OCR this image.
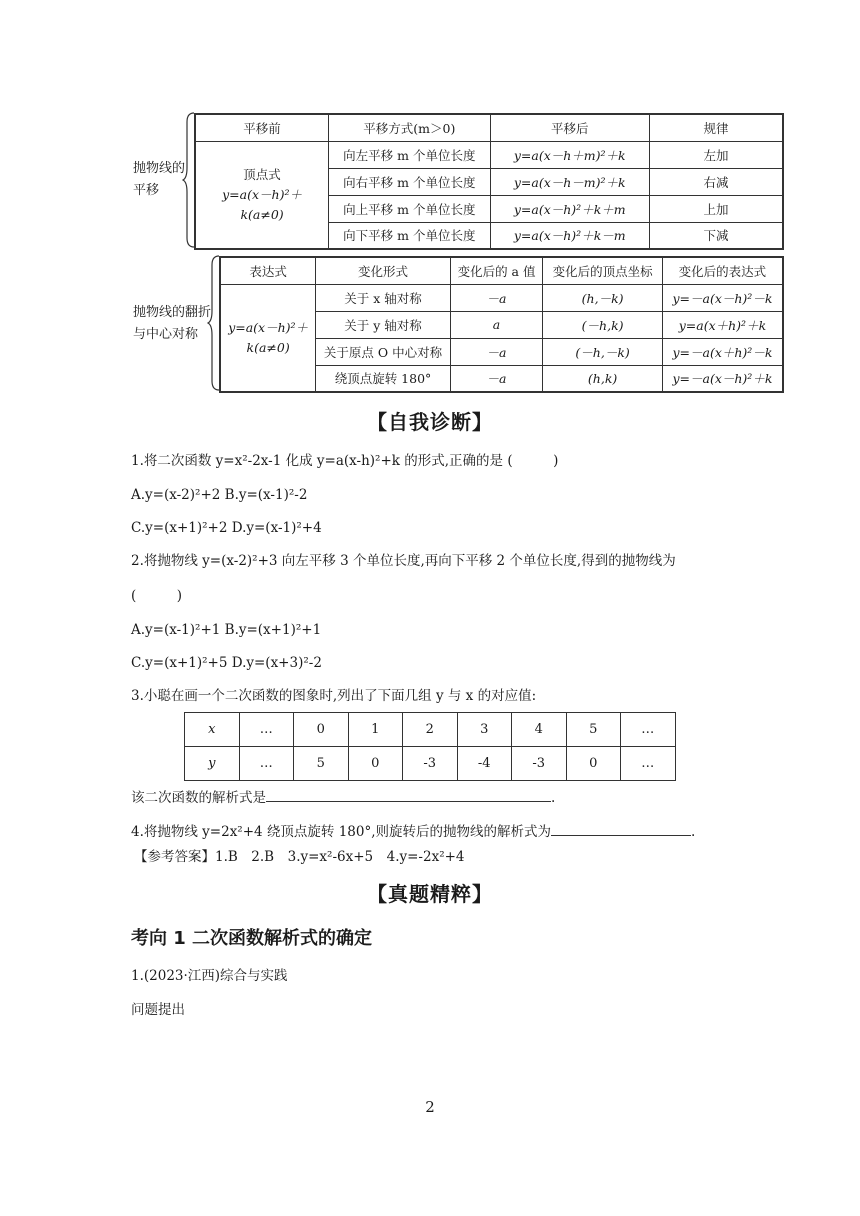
抛物线的
平移
平移前	平移方式(m＞0)	平移后	规律

顶点式
y=a(x－h)²＋
k(a≠0)	向左平移 m 个单位长度	y=a(x－h＋m)²＋k	左加
	向右平移 m 个单位长度	y=a(x－h－m)²＋k	右减
	向上平移 m 个单位长度	y=a(x－h)²＋k＋m	上加
	向下平移 m 个单位长度	y=a(x－h)²＋k－m	下减
抛物线的翻折
与中心对称
表达式	变化形式	变化后的 a 值	变化后的顶点坐标	变化后的表达式

y=a(x－h)²＋
k(a≠0)	关于 x 轴对称	－a	(h,－k)	y=－a(x－h)²－k
	关于 y 轴对称	a	(－h,k)	y=a(x＋h)²＋k
	关于原点 O 中心对称	－a	(－h,－k)	y=－a(x＋h)²－k
	绕顶点旋转 180°	－a	(h,k)	y=－a(x－h)²＋k
【自我诊断】
1.将二次函数 y=x²-2x-1 化成 y=a(x-h)²+k 的形式,正确的是 (　　　)
A.y=(x-2)²+2 B.y=(x-1)²-2
C.y=(x+1)²+2 D.y=(x-1)²+4
2.将抛物线 y=(x-2)²+3 向左平移 3 个单位长度,再向下平移 2 个单位长度,得到的抛物线为
(　　　)
A.y=(x-1)²+1 B.y=(x+1)²+1
C.y=(x+1)²+5 D.y=(x+3)²-2
3.小聪在画一个二次函数的图象时,列出了下面几组 y 与 x 的对应值:
x	…	0	1	2	3	4	5	…
y	…	5	0	-3	-4	-3	0	…
该二次函数的解析式是	.
4.将抛物线 y=2x²+4 绕顶点旋转 180°,则旋转后的抛物线的解析式为	.
【参考答案】1.B　2.B　3.y=x²-6x+5　4.y=-2x²+4
【真题精粹】
考向 1 二次函数解析式的确定
1.(2023·江西)综合与实践
问题提出
2
